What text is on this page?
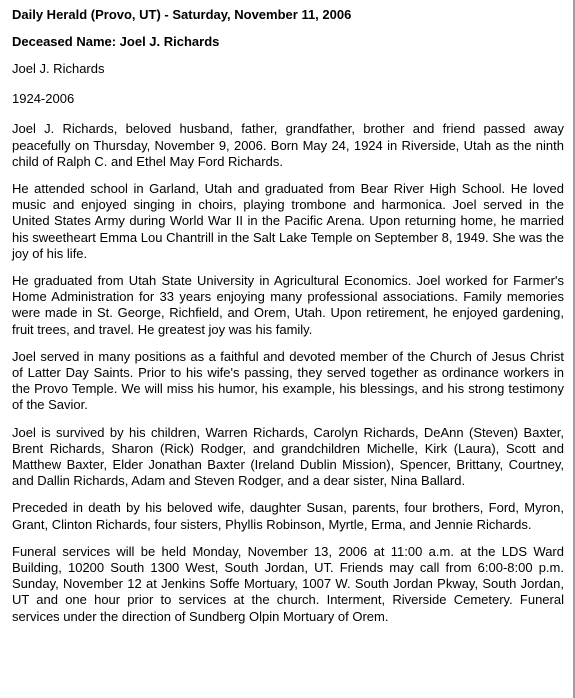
Daily Herald (Provo, UT) - Saturday, November 11, 2006
Deceased Name: Joel J. Richards
Joel J. Richards
1924-2006

Joel J. Richards, beloved husband, father, grandfather, brother and friend passed away peacefully on Thursday, November 9, 2006. Born May 24, 1924 in Riverside, Utah as the ninth child of Ralph C. and Ethel May Ford Richards.

He attended school in Garland, Utah and graduated from Bear River High School. He loved music and enjoyed singing in choirs, playing trombone and harmonica. Joel served in the United States Army during World War II in the Pacific Arena. Upon returning home, he married his sweetheart Emma Lou Chantrill in the Salt Lake Temple on September 8, 1949. She was the joy of his life.

He graduated from Utah State University in Agricultural Economics. Joel worked for Farmer's Home Administration for 33 years enjoying many professional associations. Family memories were made in St. George, Richfield, and Orem, Utah. Upon retirement, he enjoyed gardening, fruit trees, and travel. He greatest joy was his family.

Joel served in many positions as a faithful and devoted member of the Church of Jesus Christ of Latter Day Saints. Prior to his wife's passing, they served together as ordinance workers in the Provo Temple. We will miss his humor, his example, his blessings, and his strong testimony of the Savior.

Joel is survived by his children, Warren Richards, Carolyn Richards, DeAnn (Steven) Baxter, Brent Richards, Sharon (Rick) Rodger, and grandchildren Michelle, Kirk (Laura), Scott and Matthew Baxter, Elder Jonathan Baxter (Ireland Dublin Mission), Spencer, Brittany, Courtney, and Dallin Richards, Adam and Steven Rodger, and a dear sister, Nina Ballard.

Preceded in death by his beloved wife, daughter Susan, parents, four brothers, Ford, Myron, Grant, Clinton Richards, four sisters, Phyllis Robinson, Myrtle, Erma, and Jennie Richards.

Funeral services will be held Monday, November 13, 2006 at 11:00 a.m. at the LDS Ward Building, 10200 South 1300 West, South Jordan, UT. Friends may call from 6:00-8:00 p.m. Sunday, November 12 at Jenkins Soffe Mortuary, 1007 W. South Jordan Pkway, South Jordan, UT and one hour prior to services at the church. Interment, Riverside Cemetery. Funeral services under the direction of Sundberg Olpin Mortuary of Orem.
